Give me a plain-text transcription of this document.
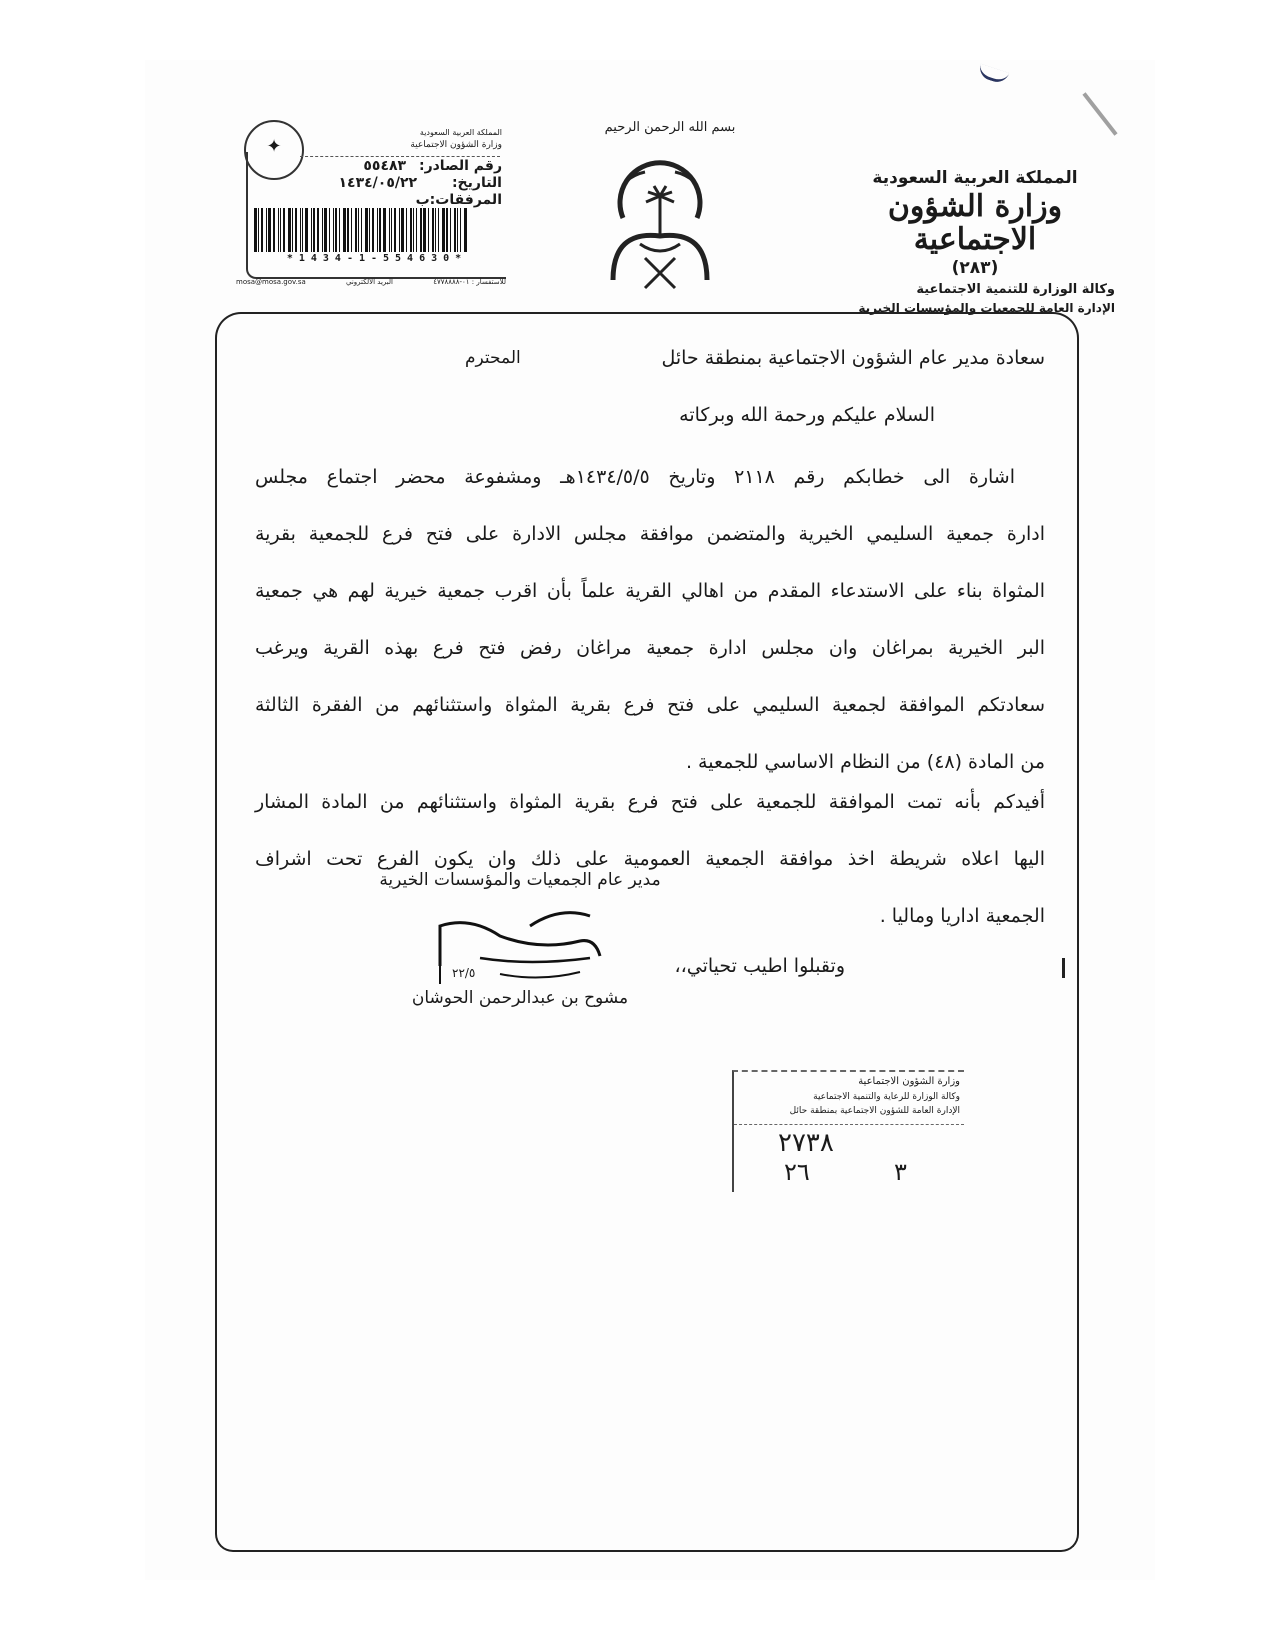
المملكة العربية السعودية
وزارة الشؤون الاجتماعية
(٢٨٣)
وكالة الوزارة للتنمية الاجتماعية
الإدارة العامة للجمعيات والمؤسسات الخيرية
بسم الله الرحمن الرحيم
✦
المملكة العربية السعودية
وزارة الشؤون الاجتماعية
رقم الصادر: ٥٥٤٨٣
التاريخ: ١٤٣٤/٠٥/٢٢
المرفقات:ب
*1434-1-554630*
mosa@mosa.gov.sa	البريد الالكتروني	للاستفسار : ٠١-٤٧٧٨٨٨٨
سعادة مدير عام الشؤون الاجتماعية بمنطقة حائل
المحترم
السلام عليكم ورحمة الله وبركاته
اشارة الى خطابكم رقم ٢١١٨ وتاريخ ١٤٣٤/٥/٥هـ ومشفوعة محضر اجتماع مجلس
ادارة جمعية السليمي الخيرية والمتضمن موافقة مجلس الادارة على فتح فرع للجمعية بقرية
المثواة بناء على الاستدعاء المقدم من اهالي القرية علماً بأن اقرب جمعية خيرية لهم هي جمعية
البر الخيرية بمراغان وان مجلس ادارة جمعية مراغان رفض فتح فرع بهذه القرية ويرغب
سعادتكم الموافقة لجمعية السليمي على فتح فرع بقرية المثواة واستثنائهم من الفقرة الثالثة
من المادة (٤٨) من النظام الاساسي للجمعية .
أفيدكم بأنه تمت الموافقة للجمعية على فتح فرع بقرية المثواة واستثنائهم من المادة المشار
اليها اعلاه شريطة اخذ موافقة الجمعية العمومية على ذلك وان يكون الفرع تحت اشراف
الجمعية اداريا وماليا .
وتقبلوا اطيب تحياتي،،
مدير عام الجمعيات والمؤسسات الخيرية
٢٢/٥
مشوح بن عبدالرحمن الحوشان
وزارة الشؤون الاجتماعية
وكالة الوزارة للرعاية والتنمية الاجتماعية
الإدارة العامة للشؤون الاجتماعية بمنطقة حائل
٢٧٣٨
٢٦	٣
